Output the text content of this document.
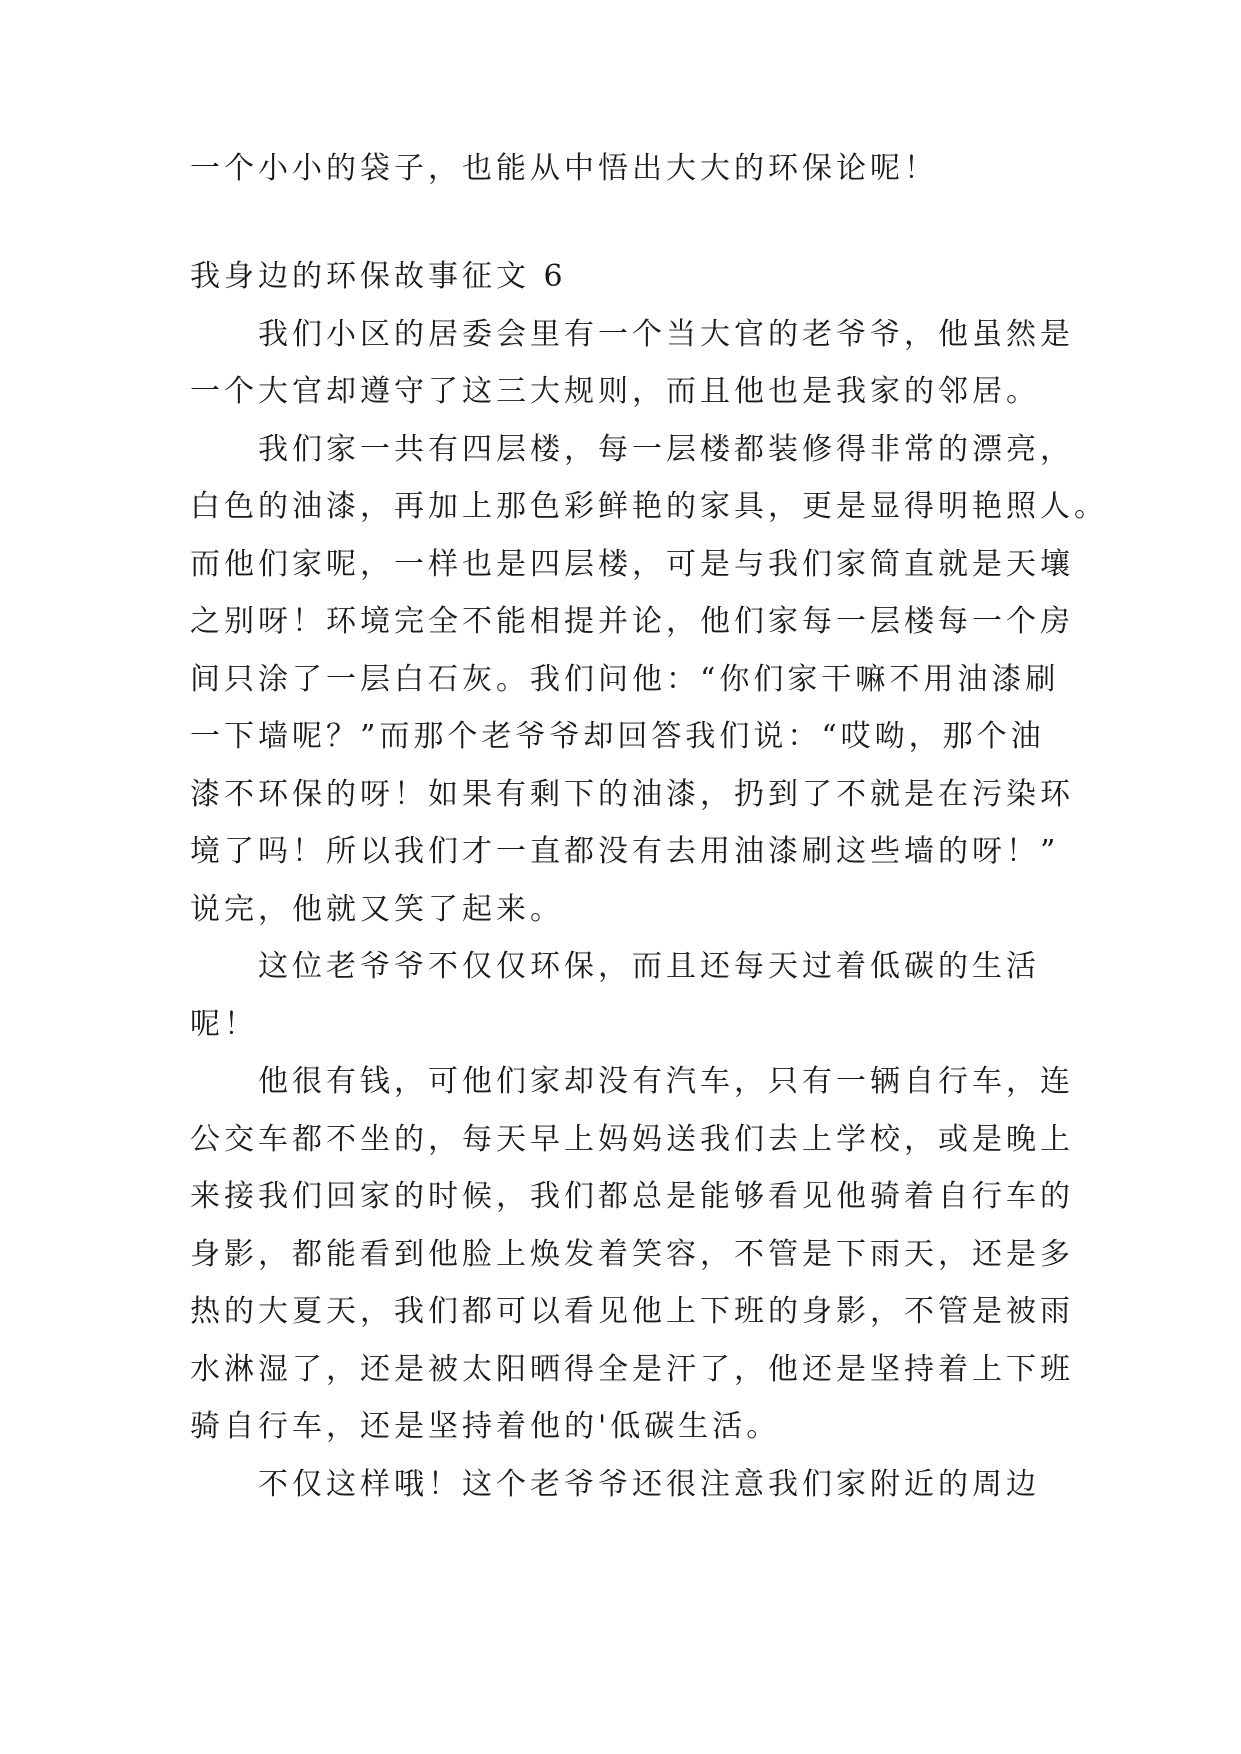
一个小小的袋子，也能从中悟出大大的环保论呢！
我身边的环保故事征文 6
我们小区的居委会里有一个当大官的老爷爷，他虽然是
一个大官却遵守了这三大规则，而且他也是我家的邻居。
我们家一共有四层楼，每一层楼都装修得非常的漂亮，
白色的油漆，再加上那色彩鲜艳的家具，更是显得明艳照人。
而他们家呢，一样也是四层楼，可是与我们家简直就是天壤
之别呀！环境完全不能相提并论，他们家每一层楼每一个房
间只涂了一层白石灰。我们问他：“你们家干嘛不用油漆刷
一下墙呢？”而那个老爷爷却回答我们说：“哎呦，那个油
漆不环保的呀！如果有剩下的油漆，扔到了不就是在污染环
境了吗！所以我们才一直都没有去用油漆刷这些墙的呀！”
说完，他就又笑了起来。
这位老爷爷不仅仅环保，而且还每天过着低碳的生活
呢！
他很有钱，可他们家却没有汽车，只有一辆自行车，连
公交车都不坐的，每天早上妈妈送我们去上学校，或是晚上
来接我们回家的时候，我们都总是能够看见他骑着自行车的
身影，都能看到他脸上焕发着笑容，不管是下雨天，还是多
热的大夏天，我们都可以看见他上下班的身影，不管是被雨
水淋湿了，还是被太阳晒得全是汗了，他还是坚持着上下班
骑自行车，还是坚持着他的'低碳生活。
不仅这样哦！这个老爷爷还很注意我们家附近的周边
